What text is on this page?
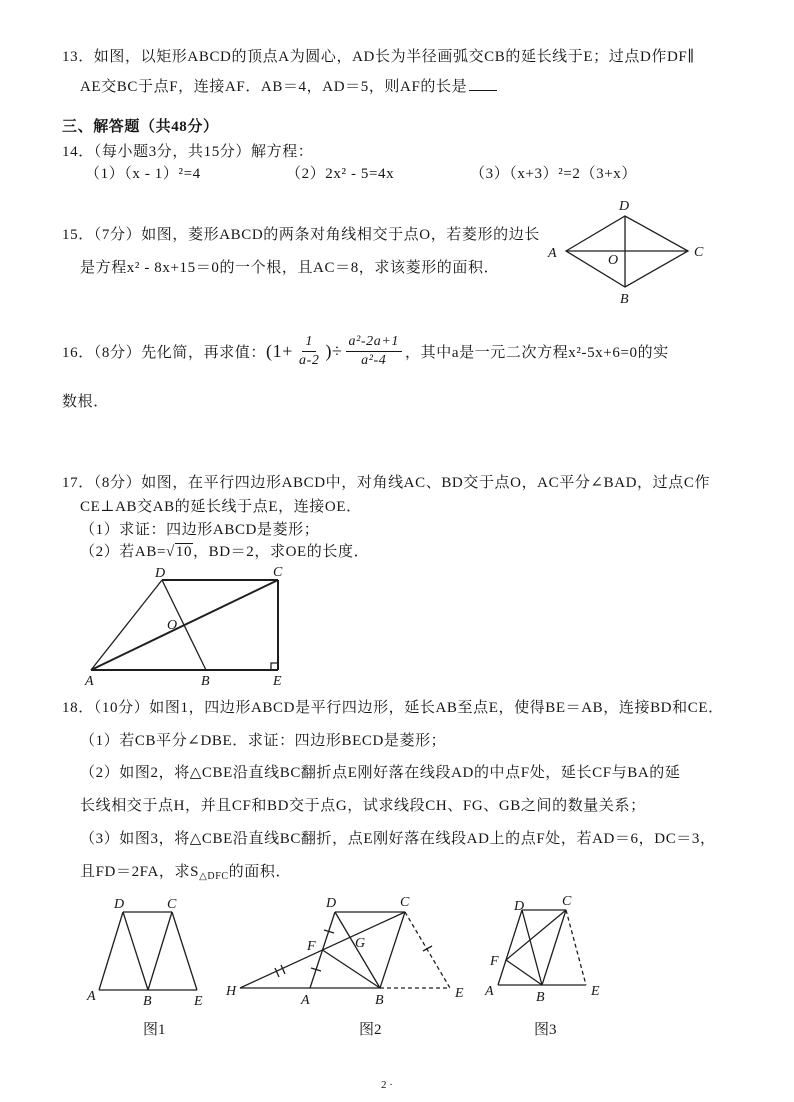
A
D
C
B
O
D	C
O
A	B	E
D	C
A	B	E
D	C
F	G
H
A	B	E
D	C
F
A	B	E
13．如图，以矩形ABCD的顶点A为圆心，AD长为半径画弧交CB的延长线于E；过点D作DF∥
AE交BC于点F，连接AF．AB＝4，AD＝5，则AF的长是
三、解答题（共48分）
14．（每小题3分，共15分）解方程：
（1）（x - 1）²=4	（2）2x² - 5=4x	（3）（x+3）²=2（3+x）
15．（7分）如图，菱形ABCD的两条对角线相交于点O，若菱形的边长
是方程x² - 8x+15＝0的一个根，且AC＝8，求该菱形的面积．
16．（8分）先化简，再求值： ($1+ \frac{1}{a-2}$ )÷ $\frac{\text{a²-2a+1}}{\text{a²-4}}$ ，其中a是一元二次方程x²-5x+6=0的实
数根．
17．（8分）如图，在平行四边形ABCD中，对角线AC、BD交于点O，AC平分∠BAD，过点C作
CE⊥AB交AB的延长线于点E，连接OE．
（1）求证：四边形ABCD是菱形；
（2）若AB=√10，BD＝2，求OE的长度．
18．（10分）如图1，四边形ABCD是平行四边形，延长AB至点E，使得BE＝AB，连接BD和CE．
（1）若CB平分∠DBE．求证：四边形BECD是菱形；
（2）如图2，将△CBE沿直线BC翻折点E刚好落在线段AD的中点F处，延长CF与BA的延
长线相交于点H，并且CF和BD交于点G，试求线段CH、FG、GB之间的数量关系；
（3）如图3，将△CBE沿直线BC翻折，点E刚好落在线段AD上的点F处，若AD＝6，DC＝3，
且FD＝2FA，求$S_{\triangle DFC}$的面积．
图1	图2	图3
2 ·
